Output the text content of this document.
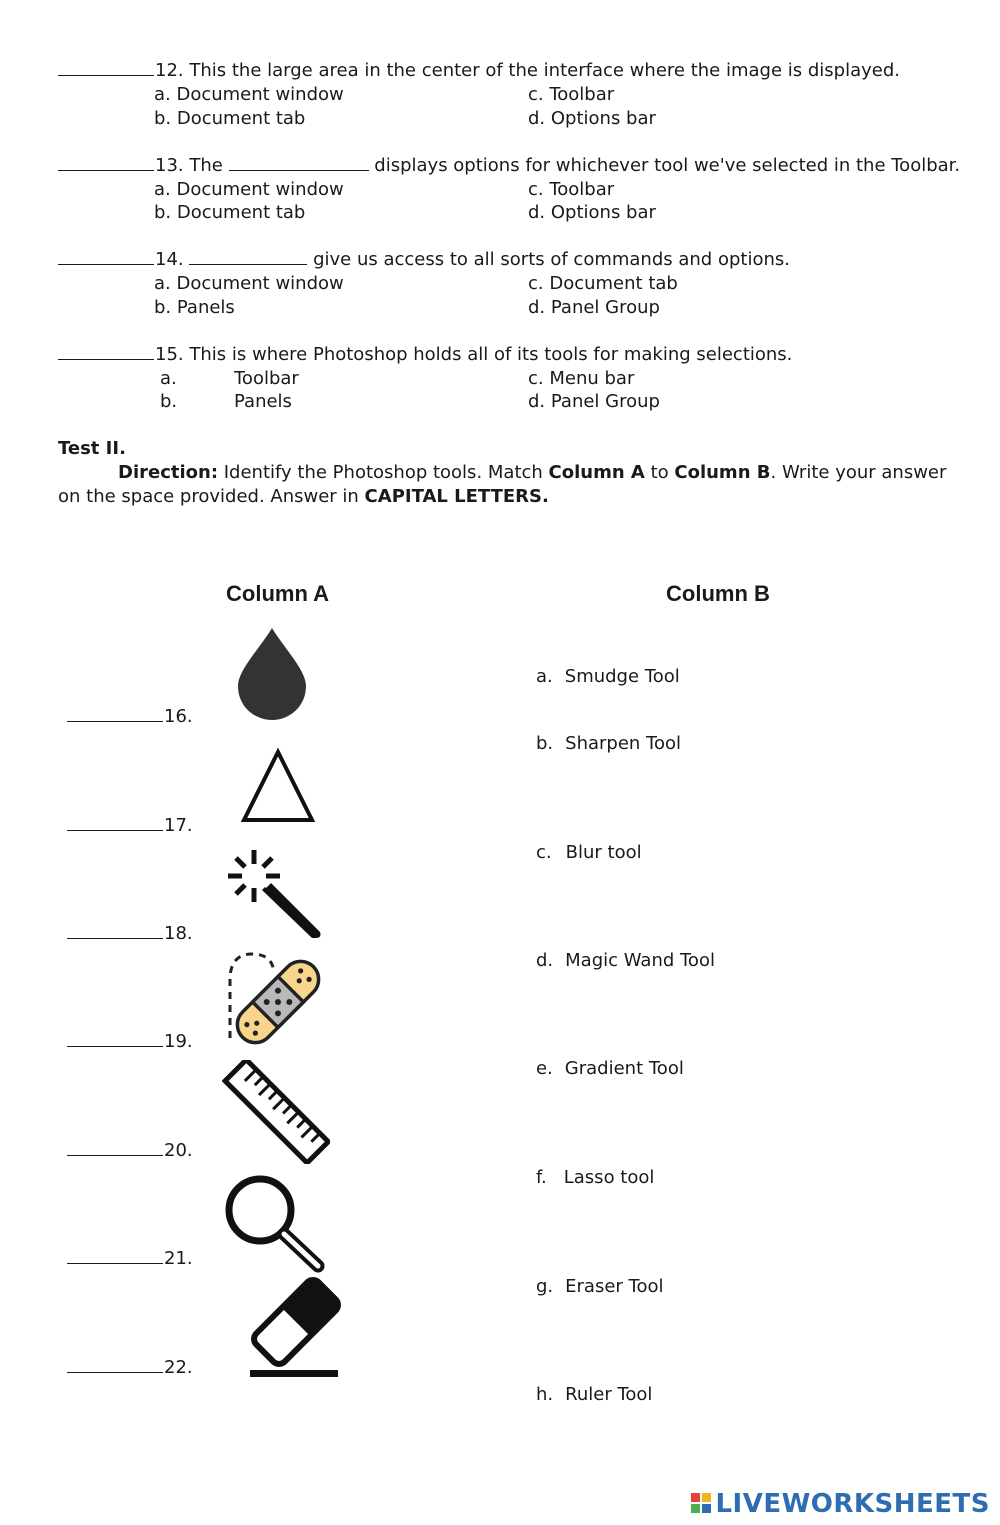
12. This the large area in the center of the interface where the image is displayed.
a. Document window
b. Document tab
c. Toolbar
d. Options bar
13. The	displays options for whichever tool we've selected in the Toolbar.
a. Document window
b. Document tab
c. Toolbar
d. Options bar
14.	give us access to all sorts of commands and options.
a. Document window
b. Panels
c. Document tab
d. Panel Group
15. This is where Photoshop holds all of its tools for making selections.
a.	Toolbar
b.	Panels
c. Menu bar
d. Panel Group
Test II.
Direction: Identify the Photoshop tools. Match Column A to Column B. Write your answer
on the space provided. Answer in CAPITAL LETTERS.
Column A	Column B
16.
17.
18.
19.
20.
21.
22.
a. Smudge Tool
b. Sharpen Tool
c. Blur tool
d. Magic Wand Tool
e. Gradient Tool
f. Lasso tool
g. Eraser Tool
h. Ruler Tool
LIVEWORKSHEETS
